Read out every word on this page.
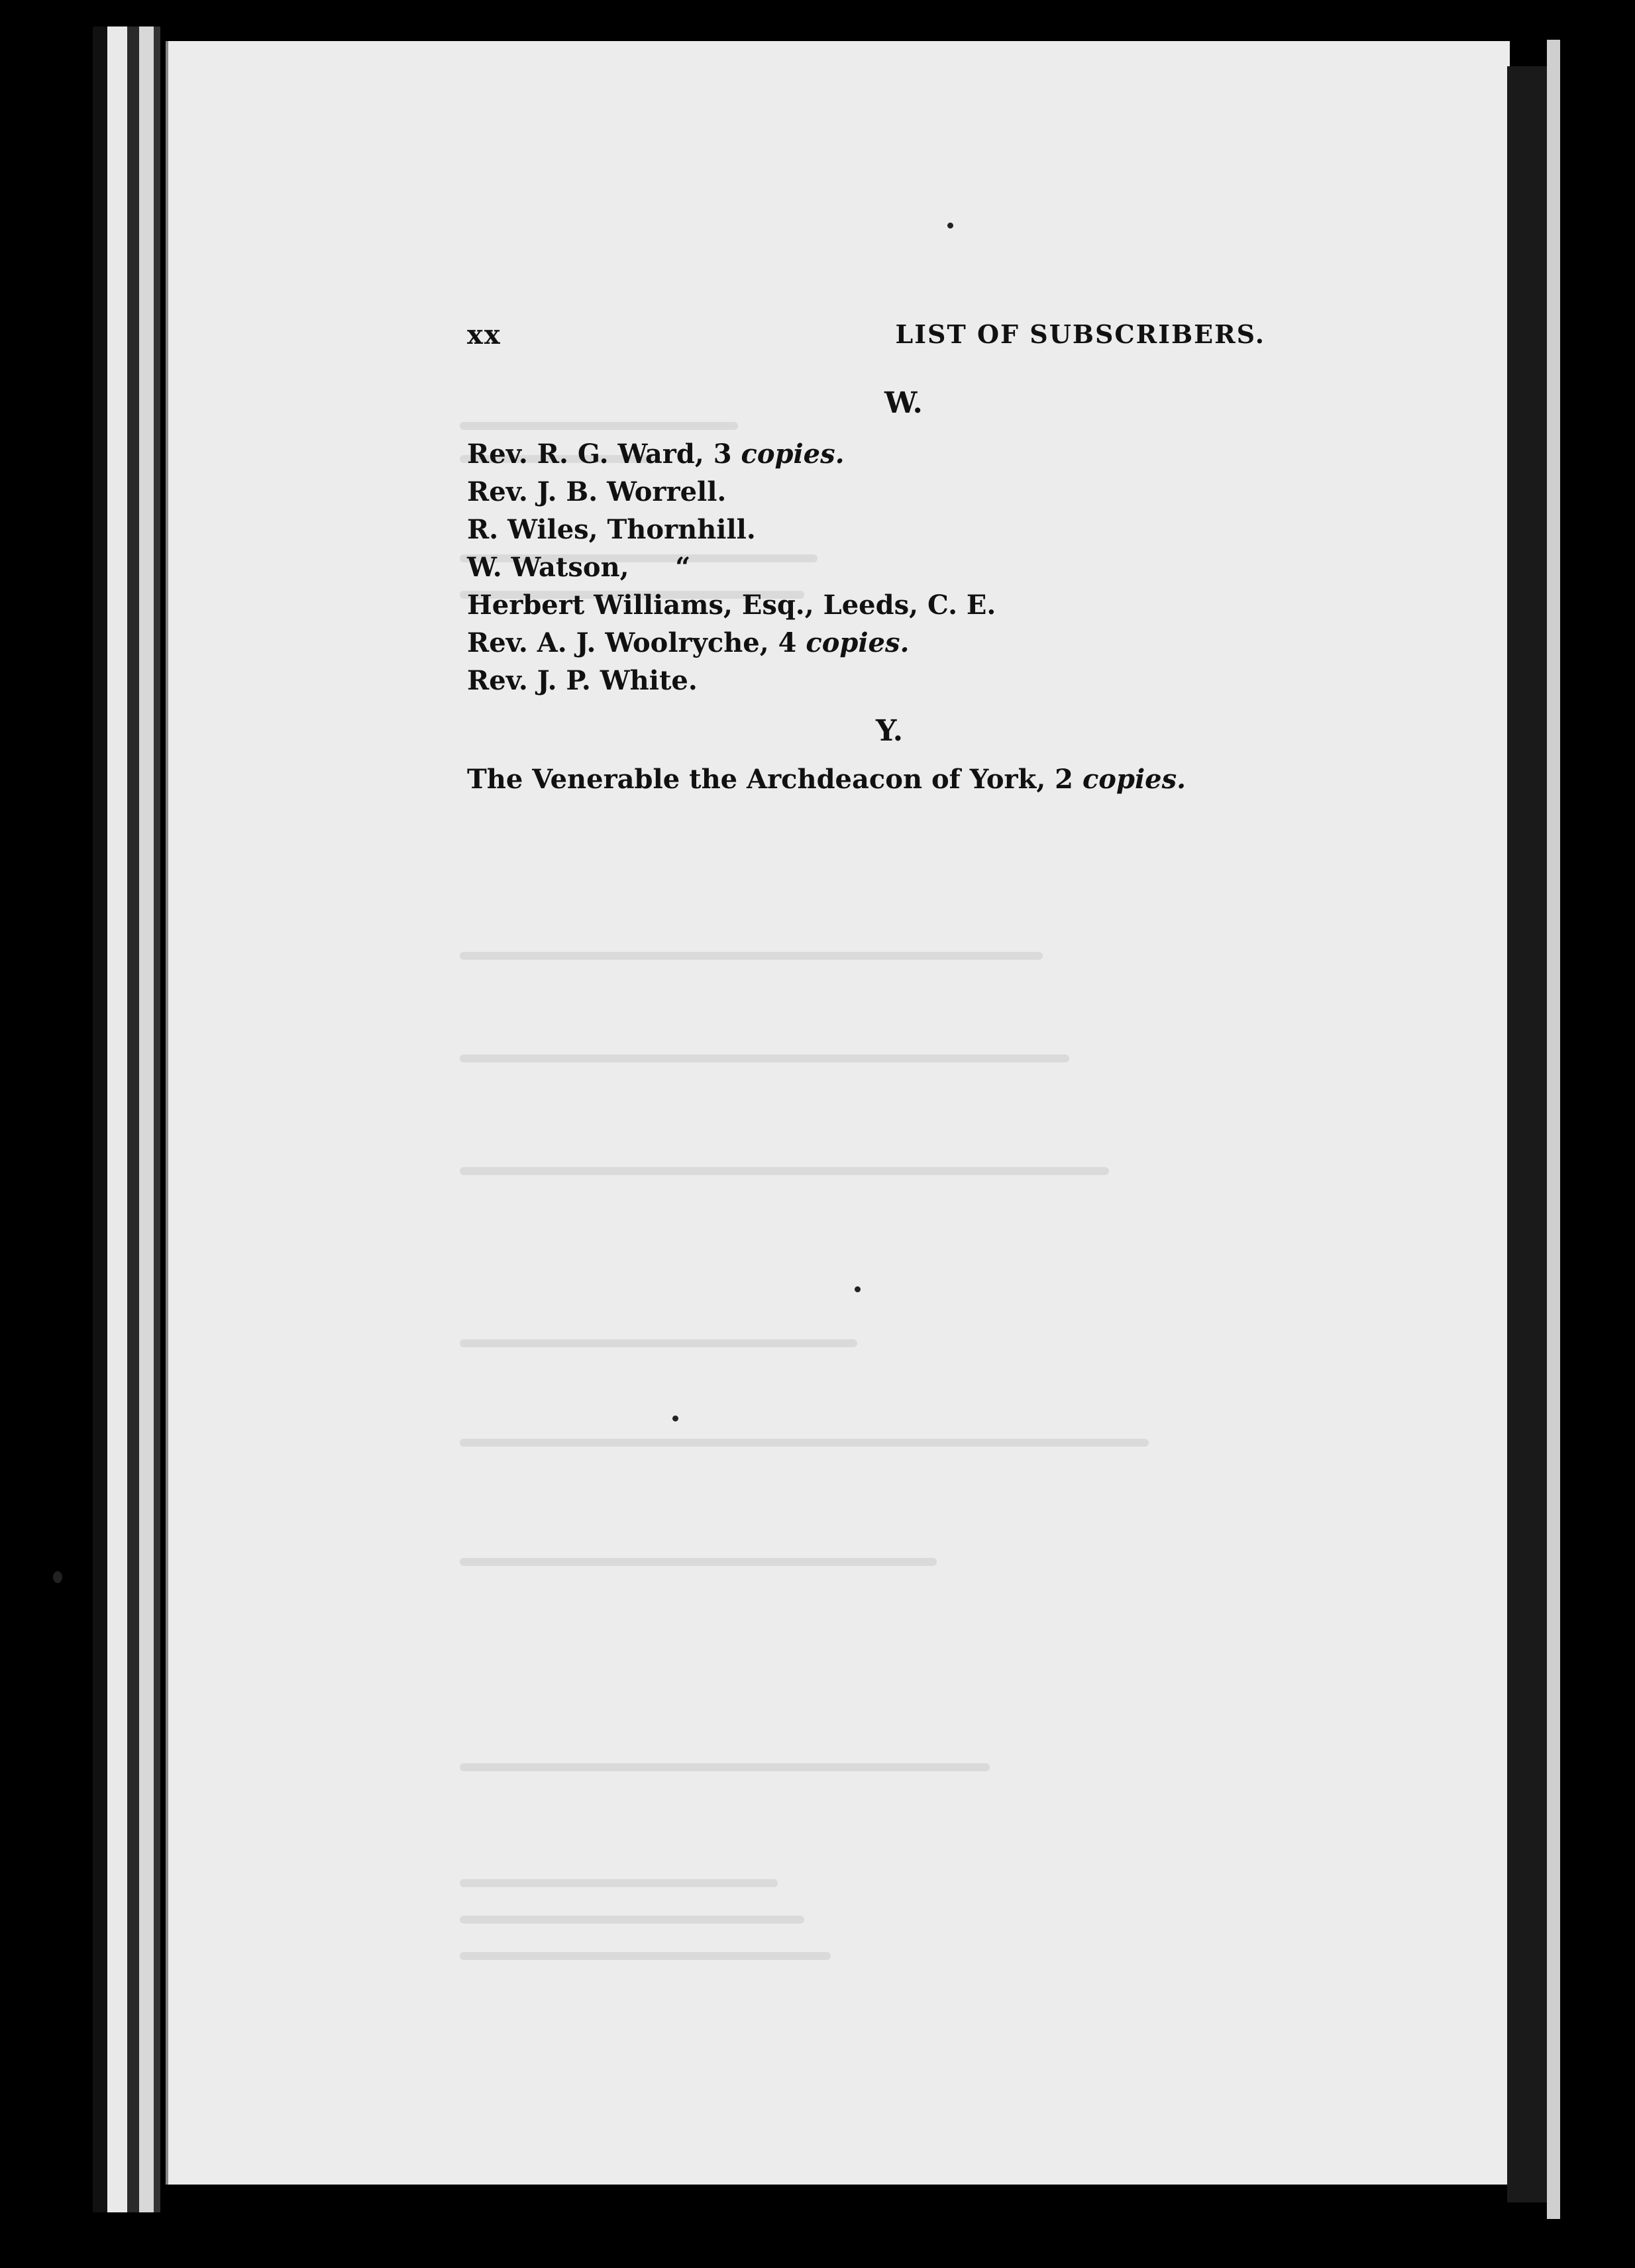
xx	LIST OF SUBSCRIBERS.
W.
Rev. R. G. Ward, 3 copies.
Rev. J. B. Worrell.
R. Wiles, Thornhill.
W. Watson,     “
Herbert Williams, Esq., Leeds, C. E.
Rev. A. J. Woolryche, 4 copies.
Rev. J. P. White.
Y.
The Venerable the Archdeacon of York, 2 copies.
